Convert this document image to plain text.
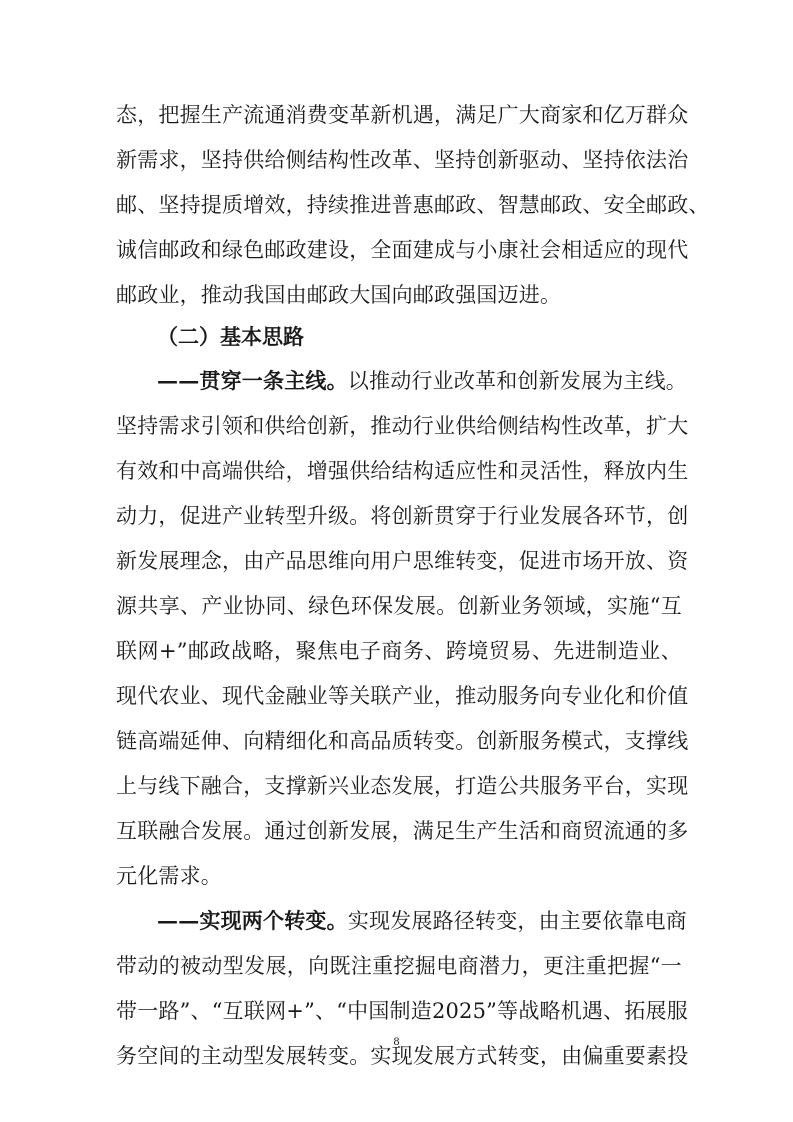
态，把握生产流通消费变革新机遇，满足广大商家和亿万群众
新需求，坚持供给侧结构性改革、坚持创新驱动、坚持依法治
邮、坚持提质增效，持续推进普惠邮政、智慧邮政、安全邮政、
诚信邮政和绿色邮政建设，全面建成与小康社会相适应的现代
邮政业，推动我国由邮政大国向邮政强国迈进。
（二）基本思路
——贯穿一条主线。以推动行业改革和创新发展为主线。
坚持需求引领和供给创新，推动行业供给侧结构性改革，扩大
有效和中高端供给，增强供给结构适应性和灵活性，释放内生
动力，促进产业转型升级。将创新贯穿于行业发展各环节，创
新发展理念，由产品思维向用户思维转变，促进市场开放、资
源共享、产业协同、绿色环保发展。创新业务领域，实施“互
联网+”邮政战略，聚焦电子商务、跨境贸易、先进制造业、
现代农业、现代金融业等关联产业，推动服务向专业化和价值
链高端延伸、向精细化和高品质转变。创新服务模式，支撑线
上与线下融合，支撑新兴业态发展，打造公共服务平台，实现
互联融合发展。通过创新发展，满足生产生活和商贸流通的多
元化需求。
——实现两个转变。实现发展路径转变，由主要依靠电商
带动的被动型发展，向既注重挖掘电商潜力，更注重把握“一
带一路”、“互联网+”、“中国制造2025”等战略机遇、拓展服
务空间的主动型发展转变。实现发展方式转变，由偏重要素投
8
